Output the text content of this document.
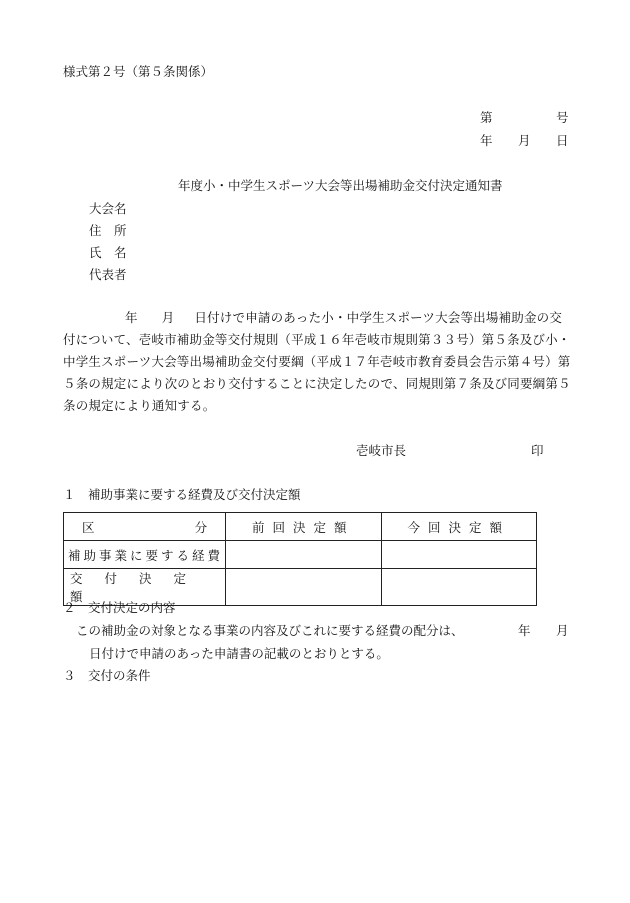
様式第２号（第５条関係）
第	号
年 月 日
年度小・中学生スポーツ大会等出場補助金交付決定通知書
大会名
住　所
氏　名
代表者
年 月 日付けで申請のあった小・中学生スポーツ大会等出場補助金の交付について、壱岐市補助金等交付規則（平成１６年壱岐市規則第３３号）第５条及び小・中学生スポーツ大会等出場補助金交付要綱（平成１７年壱岐市教育委員会告示第４号）第５条の規定により次のとおり交付することに決定したので、同規則第７条及び同要綱第５条の規定により通知する。
壱岐市長	印
１　補助事業に要する経費及び交付決定額
区 分	前回決定額	今回決定額
補助事業に要する経費		
交付決定額		
２　交付決定の内容
この補助金の対象となる事業の内容及びこれに要する経費の配分は、	年 月
日付けで申請のあった申請書の記載のとおりとする。
３　交付の条件
